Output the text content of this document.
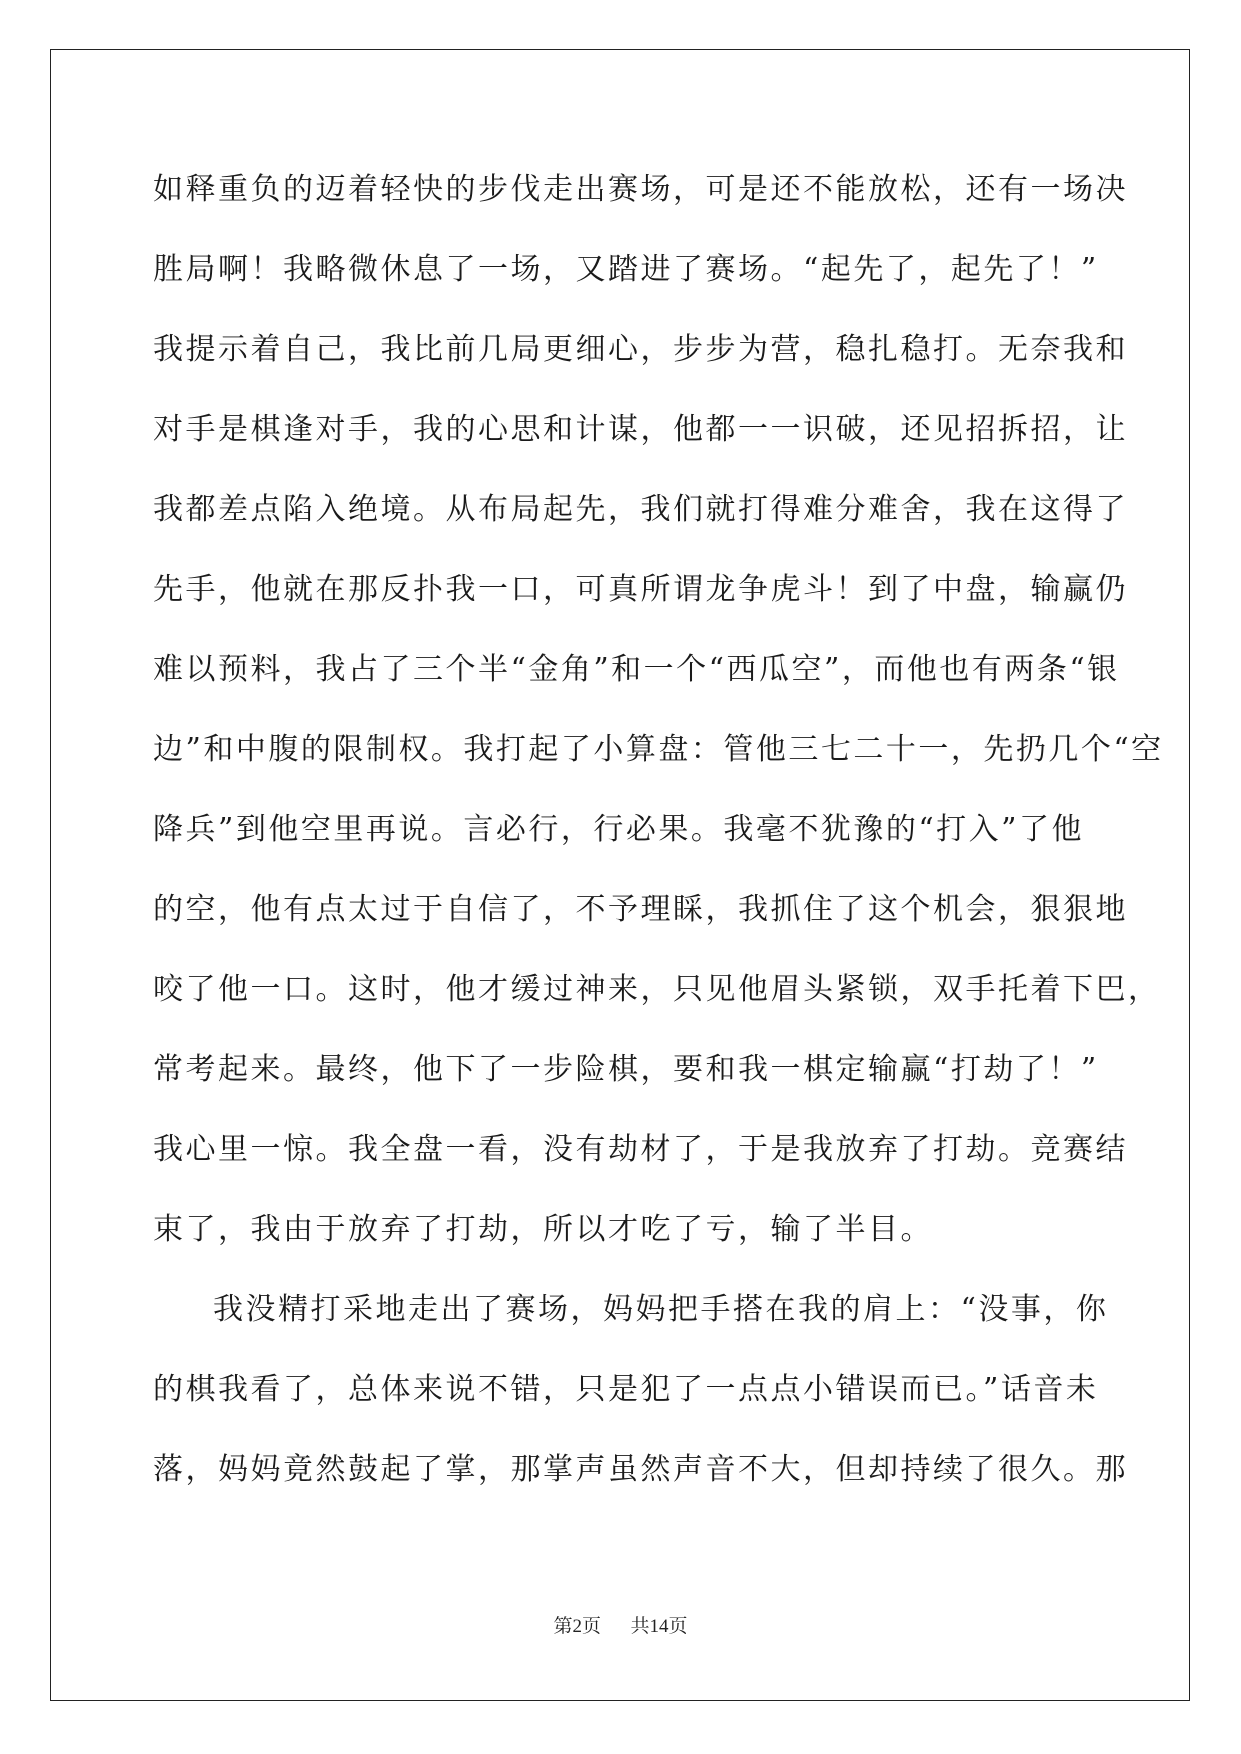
如释重负的迈着轻快的步伐走出赛场，可是还不能放松，还有一场决
胜局啊！我略微休息了一场，又踏进了赛场。“起先了，起先了！”
我提示着自己，我比前几局更细心，步步为营，稳扎稳打。无奈我和
对手是棋逢对手，我的心思和计谋，他都一一识破，还见招拆招，让
我都差点陷入绝境。从布局起先，我们就打得难分难舍，我在这得了
先手，他就在那反扑我一口，可真所谓龙争虎斗！到了中盘，输赢仍
难以预料，我占了三个半“金角”和一个“西瓜空”，而他也有两条“银
边”和中腹的限制权。我打起了小算盘：管他三七二十一，先扔几个“空
降兵”到他空里再说。言必行，行必果。我毫不犹豫的“打入”了他
的空，他有点太过于自信了，不予理睬，我抓住了这个机会，狠狠地
咬了他一口。这时，他才缓过神来，只见他眉头紧锁，双手托着下巴，
常考起来。最终，他下了一步险棋，要和我一棋定输赢“打劫了！”
我心里一惊。我全盘一看，没有劫材了，于是我放弃了打劫。竞赛结
束了，我由于放弃了打劫，所以才吃了亏，输了半目。
我没精打采地走出了赛场，妈妈把手搭在我的肩上：“没事，你
的棋我看了，总体来说不错，只是犯了一点点小错误而已。”话音未
落，妈妈竟然鼓起了掌，那掌声虽然声音不大，但却持续了很久。那
第2页 共14页
